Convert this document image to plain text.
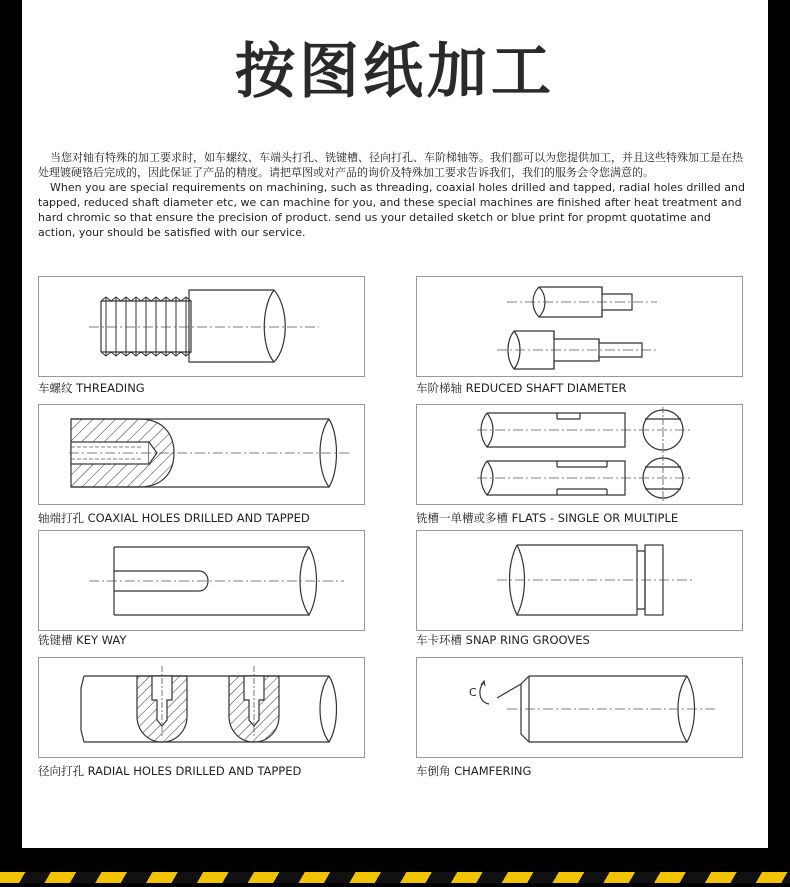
按图纸加工

当您对轴有特殊的加工要求时，如车螺纹、车端头打孔、铣键槽、径向打孔、车阶梯轴等。我们都可以为您提供加工，并且这些特殊加工是在热处理镀硬铬后完成的，因此保证了产品的精度。请把草图或对产品的询价及特殊加工要求告诉我们，我们的服务会令您满意的。

When you are special requirements on machining, such as threading, coaxial holes drilled and tapped, radial holes drilled and tapped, reduced shaft diameter etc, we can machine for you, and these special machines are finished after heat treatment and hard chromic so that ensure the precision of product. send us your detailed sketch or blue print for propmt quotatime and action, your should be satisfied with our service.

车螺纹 THREADING	车阶梯轴 REDUCED SHAFT DIAMETER
轴端打孔 COAXIAL HOLES DRILLED AND TAPPED	铣槽一单槽或多槽 FLATS - SINGLE OR MULTIPLE
铣键槽 KEY WAY	车卡环槽 SNAP RING GROOVES
径向打孔 RADIAL HOLES DRILLED AND TAPPED
C
车倒角 CHAMFERING
